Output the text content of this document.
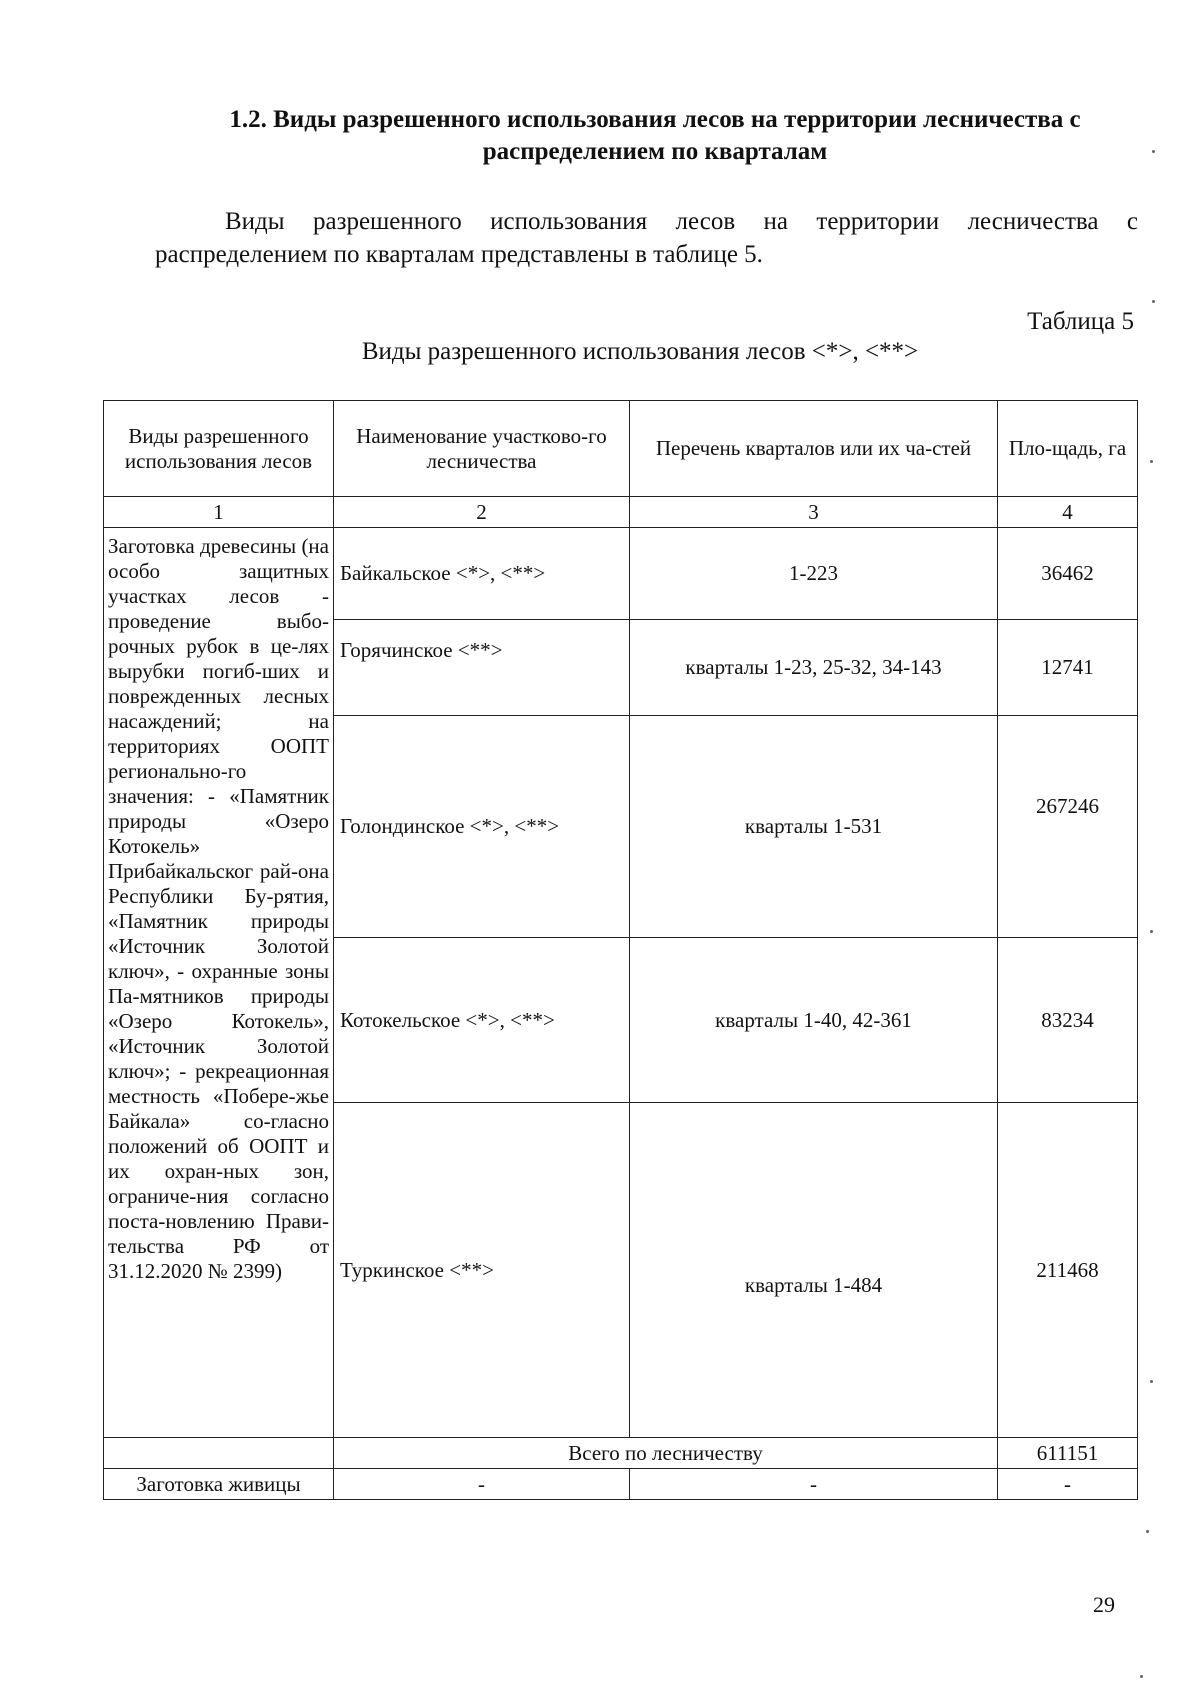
1.2. Виды разрешенного использования лесов на территории лесничества с распределением по кварталам
Виды разрешенного использования лесов на территории лесничества с распределением по кварталам представлены в таблице 5.
Таблица 5
Виды разрешенного использования лесов <*>, <**>
Виды разрешенного использования лесов	Наименование участково-го лесничества	Перечень кварталов или их ча-стей	Пло-щадь, га
1	2	3	4
Заготовка древесины (на особо защитных участках лесов - проведение выбо-рочных рубок в це-лях вырубки погиб-ших и поврежденных лесных насаждений; на территориях ООПТ регионально-го значения: - «Памятник природы «Озеро Котокель» Прибайкальског рай-она Республики Бу-рятия, «Памятник природы «Источник Золотой ключ», - охранные зоны Па-мятников природы «Озеро Котокель», «Источник Золотой ключ»; - рекреационная местность «Побере-жье Байкала» со-гласно положений об ООПТ и их охран-ных зон, ограниче-ния согласно поста-новлению Прави-тельства РФ от 31.12.2020 № 2399)	Байкальское <*>, <**>	1-223	36462
	Горячинское <**>	кварталы 1-23, 25-32, 34-143	12741
	Голондинское <*>, <**>	кварталы 1-531	267246
	Котокельское <*>, <**>	кварталы 1-40, 42-361	83234
	Туркинское <**>	кварталы 1-484	211468
	Всего по лесничеству		611151
Заготовка живицы	-	-	-
29
